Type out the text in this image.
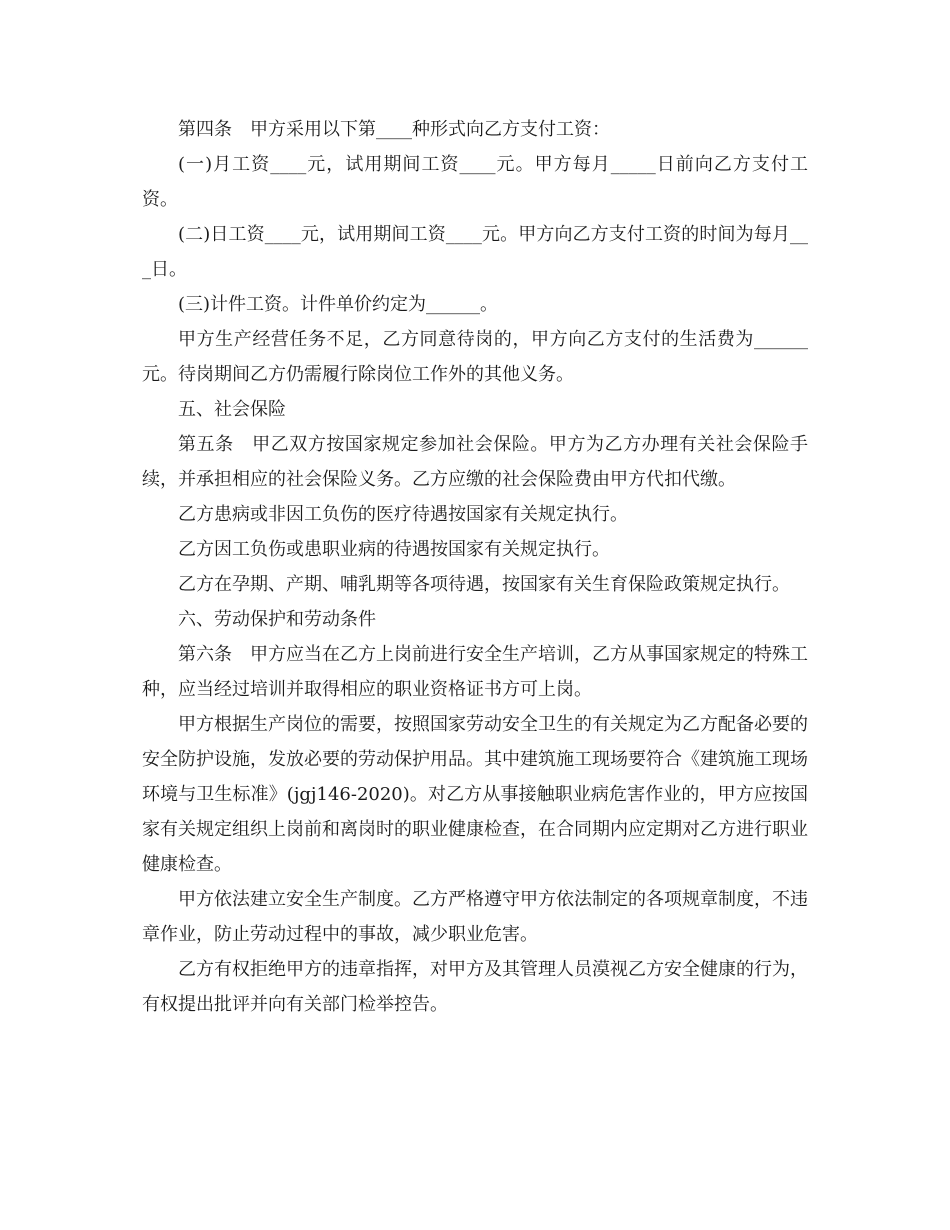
第四条　甲方采用以下第____种形式向乙方支付工资：

(一)月工资____元，试用期间工资____元。甲方每月_____日前向乙方支付工资。

(二)日工资____元，试用期间工资____元。甲方向乙方支付工资的时间为每月___日。

(三)计件工资。计件单价约定为______。

甲方生产经营任务不足，乙方同意待岗的，甲方向乙方支付的生活费为______元。待岗期间乙方仍需履行除岗位工作外的其他义务。

五、社会保险

第五条　甲乙双方按国家规定参加社会保险。甲方为乙方办理有关社会保险手续，并承担相应的社会保险义务。乙方应缴的社会保险费由甲方代扣代缴。

乙方患病或非因工负伤的医疗待遇按国家有关规定执行。

乙方因工负伤或患职业病的待遇按国家有关规定执行。

乙方在孕期、产期、哺乳期等各项待遇，按国家有关生育保险政策规定执行。

六、劳动保护和劳动条件

第六条　甲方应当在乙方上岗前进行安全生产培训，乙方从事国家规定的特殊工种，应当经过培训并取得相应的职业资格证书方可上岗。

甲方根据生产岗位的需要，按照国家劳动安全卫生的有关规定为乙方配备必要的安全防护设施，发放必要的劳动保护用品。其中建筑施工现场要符合《建筑施工现场环境与卫生标准》(jgj146-2020)。对乙方从事接触职业病危害作业的，甲方应按国家有关规定组织上岗前和离岗时的职业健康检查，在合同期内应定期对乙方进行职业健康检查。

甲方依法建立安全生产制度。乙方严格遵守甲方依法制定的各项规章制度，不违章作业，防止劳动过程中的事故，减少职业危害。

乙方有权拒绝甲方的违章指挥，对甲方及其管理人员漠视乙方安全健康的行为，有权提出批评并向有关部门检举控告。
